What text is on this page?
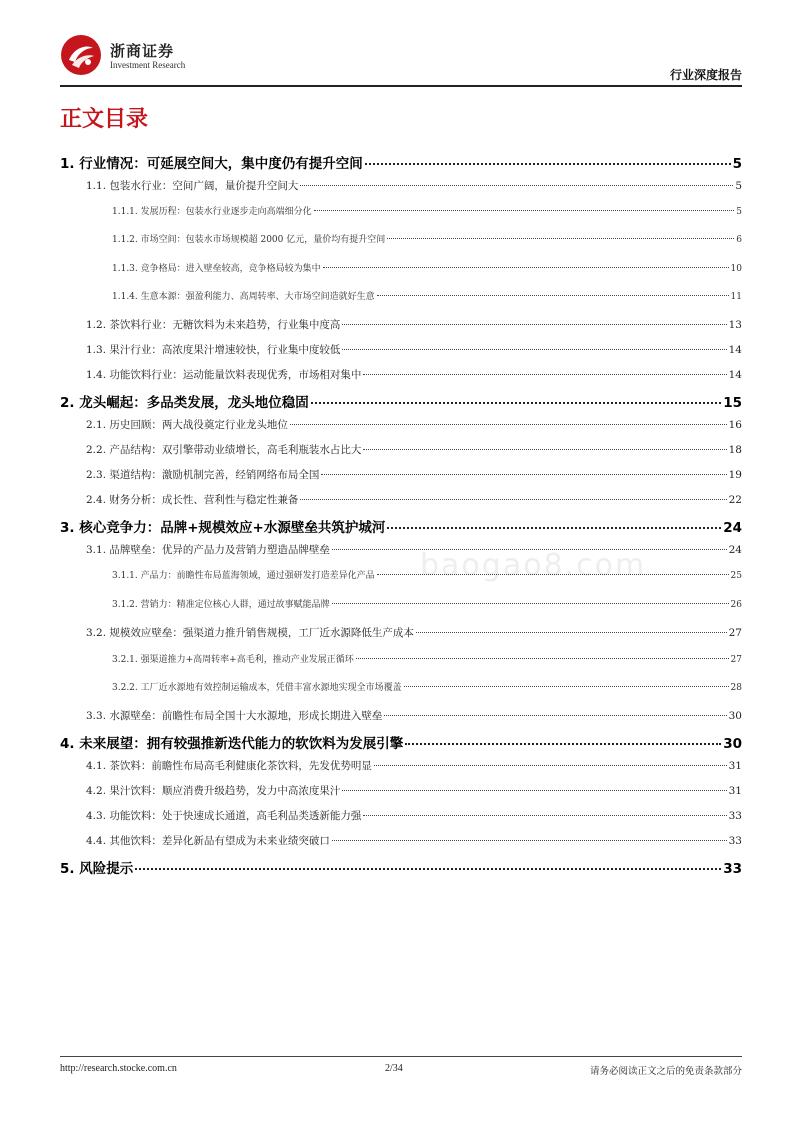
浙商证券
Investment Research
行业深度报告
正文目录
baogao8.com
1. 行业情况：可延展空间大，集中度仍有提升空间	5
1.1. 包装水行业：空间广阔，量价提升空间大	5
1.1.1. 发展历程：包装水行业逐步走向高端细分化	5
1.1.2. 市场空间：包装水市场规模超 2000 亿元，量价均有提升空间	6
1.1.3. 竞争格局：进入壁垒较高，竞争格局较为集中	10
1.1.4. 生意本源：强盈利能力、高周转率、大市场空间造就好生意	11
1.2. 茶饮料行业：无糖饮料为未来趋势，行业集中度高	13
1.3. 果汁行业：高浓度果汁增速较快，行业集中度较低	14
1.4. 功能饮料行业：运动能量饮料表现优秀，市场相对集中	14
2. 龙头崛起：多品类发展，龙头地位稳固	15
2.1. 历史回顾：两大战役奠定行业龙头地位	16
2.2. 产品结构：双引擎带动业绩增长，高毛利瓶装水占比大	18
2.3. 渠道结构：激励机制完善，经销网络布局全国	19
2.4. 财务分析：成长性、营利性与稳定性兼备	22
3. 核心竞争力：品牌+规模效应+水源壁垒共筑护城河	24
3.1. 品牌壁垒：优异的产品力及营销力塑造品牌壁垒	24
3.1.1. 产品力：前瞻性布局蓝海领域，通过强研发打造差异化产品	25
3.1.2. 营销力：精准定位核心人群，通过故事赋能品牌	26
3.2. 规模效应壁垒：强渠道力推升销售规模，工厂近水源降低生产成本	27
3.2.1. 强渠道推力+高周转率+高毛利，推动产业发展正循环	27
3.2.2. 工厂近水源地有效控制运输成本，凭借丰富水源地实现全市场覆盖	28
3.3. 水源壁垒：前瞻性布局全国十大水源地，形成长期进入壁垒	30
4. 未来展望：拥有较强推新迭代能力的软饮料为发展引擎	30
4.1. 茶饮料：前瞻性布局高毛利健康化茶饮料，先发优势明显	31
4.2. 果汁饮料：顺应消费升级趋势，发力中高浓度果汁	31
4.3. 功能饮料：处于快速成长通道，高毛利品类透新能力强	33
4.4. 其他饮料：差异化新品有望成为未来业绩突破口	33
5. 风险提示	33
http://research.stocke.com.cn	2/34	请务必阅读正文之后的免责条款部分
